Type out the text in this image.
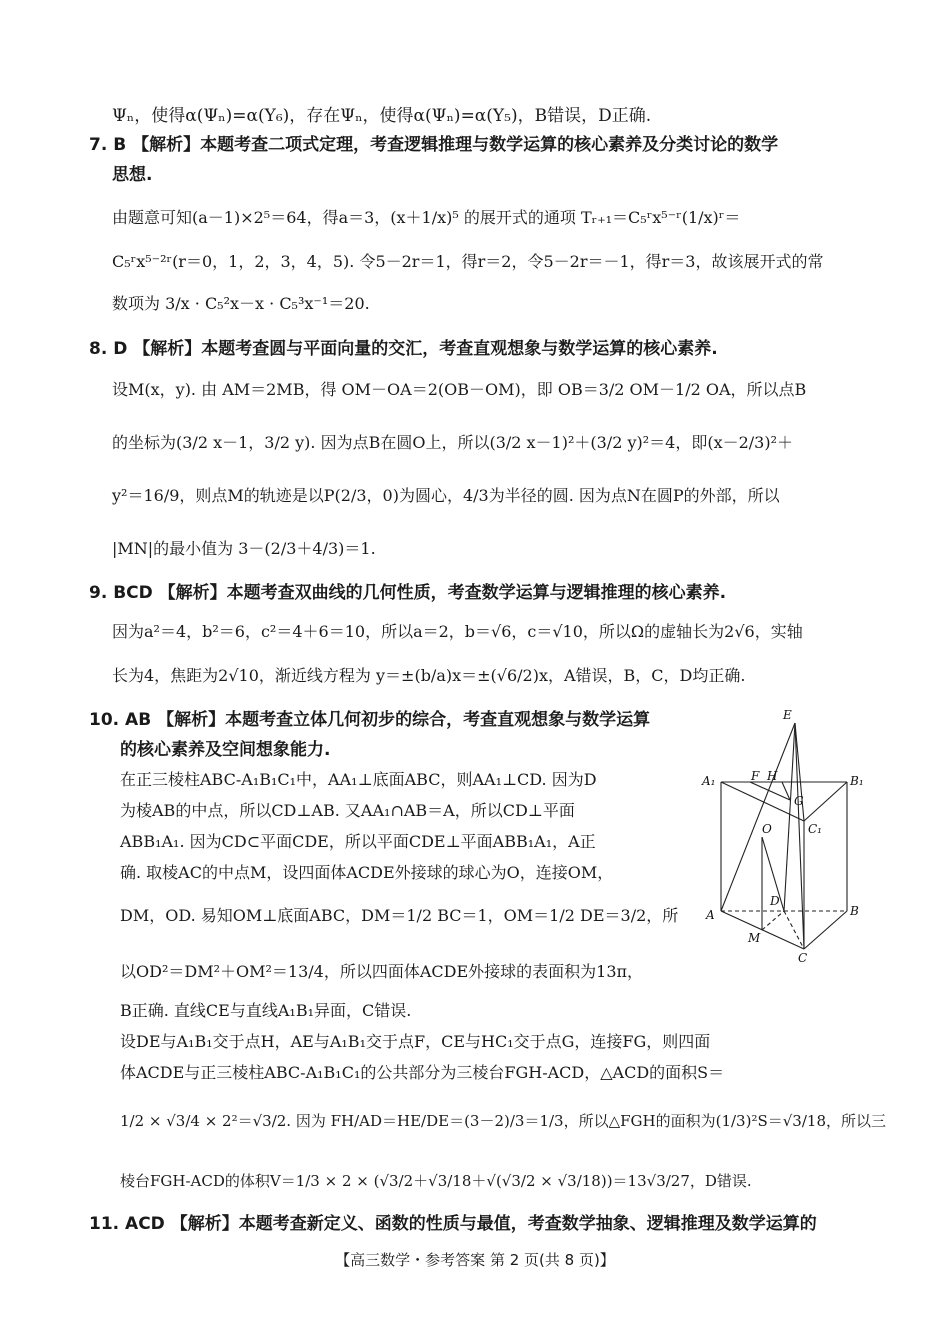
Ψₙ，使得α(Ψₙ)=α(Υ₆)，存在Ψₙ，使得α(Ψₙ)=α(Υ₅)，B错误，D正确.
7. B 【解析】本题考查二项式定理，考查逻辑推理与数学运算的核心素养及分类讨论的数学
思想.
由题意可知(a－1)×2⁵＝64，得a＝3，(x＋1/x)⁵ 的展开式的通项 Tᵣ₊₁＝C₅ʳx⁵⁻ʳ(1/x)ʳ＝
C₅ʳx⁵⁻²ʳ(r＝0，1，2，3，4，5). 令5－2r＝1，得r＝2，令5－2r＝－1，得r＝3，故该展开式的常
数项为 3/x · C₅²x－x · C₅³x⁻¹＝20.
8. D 【解析】本题考查圆与平面向量的交汇，考查直观想象与数学运算的核心素养.
设M(x，y). 由 AM＝2MB，得 OM－OA＝2(OB－OM)，即 OB＝3/2 OM－1/2 OA，所以点B
的坐标为(3/2 x－1，3/2 y). 因为点B在圆O上，所以(3/2 x－1)²＋(3/2 y)²＝4，即(x－2/3)²＋
y²＝16/9，则点M的轨迹是以P(2/3，0)为圆心，4/3为半径的圆. 因为点N在圆P的外部，所以
|MN|的最小值为 3－(2/3＋4/3)＝1.
9. BCD 【解析】本题考查双曲线的几何性质，考查数学运算与逻辑推理的核心素养.
因为a²＝4，b²＝6，c²＝4＋6＝10，所以a＝2，b＝√6，c＝√10，所以Ω的虚轴长为2√6，实轴
长为4，焦距为2√10，渐近线方程为 y＝±(b/a)x＝±(√6/2)x，A错误，B，C，D均正确.
10. AB 【解析】本题考查立体几何初步的综合，考查直观想象与数学运算
的核心素养及空间想象能力.
在正三棱柱ABC-A₁B₁C₁中，AA₁⊥底面ABC，则AA₁⊥CD. 因为D
为棱AB的中点，所以CD⊥AB. 又AA₁∩AB＝A，所以CD⊥平面
ABB₁A₁. 因为CD⊂平面CDE，所以平面CDE⊥平面ABB₁A₁，A正
确. 取棱AC的中点M，设四面体ACDE外接球的球心为O，连接OM，
DM，OD. 易知OM⊥底面ABC，DM＝1/2 BC＝1，OM＝1/2 DE＝3/2，所
以OD²＝DM²＋OM²＝13/4，所以四面体ACDE外接球的表面积为13π，
B正确. 直线CE与直线A₁B₁异面，C错误.
设DE与A₁B₁交于点H，AE与A₁B₁交于点F，CE与HC₁交于点G，连接FG，则四面
体ACDE与正三棱柱ABC-A₁B₁C₁的公共部分为三棱台FGH-ACD，△ACD的面积S＝
1/2 × √3/4 × 2²＝√3/2. 因为 FH/AD＝HE/DE＝(3－2)/3＝1/3，所以△FGH的面积为(1/3)²S＝√3/18，所以三
棱台FGH-ACD的体积V＝1/3 × 2 × (√3/2＋√3/18＋√(√3/2 × √3/18))＝13√3/27，D错误.
11. ACD 【解析】本题考查新定义、函数的性质与最值，考查数学抽象、逻辑推理及数学运算的
E
A₁	F H	B₁
G
O	C₁
A
D
B
M
C
【高三数学・参考答案 第 2 页(共 8 页)】
